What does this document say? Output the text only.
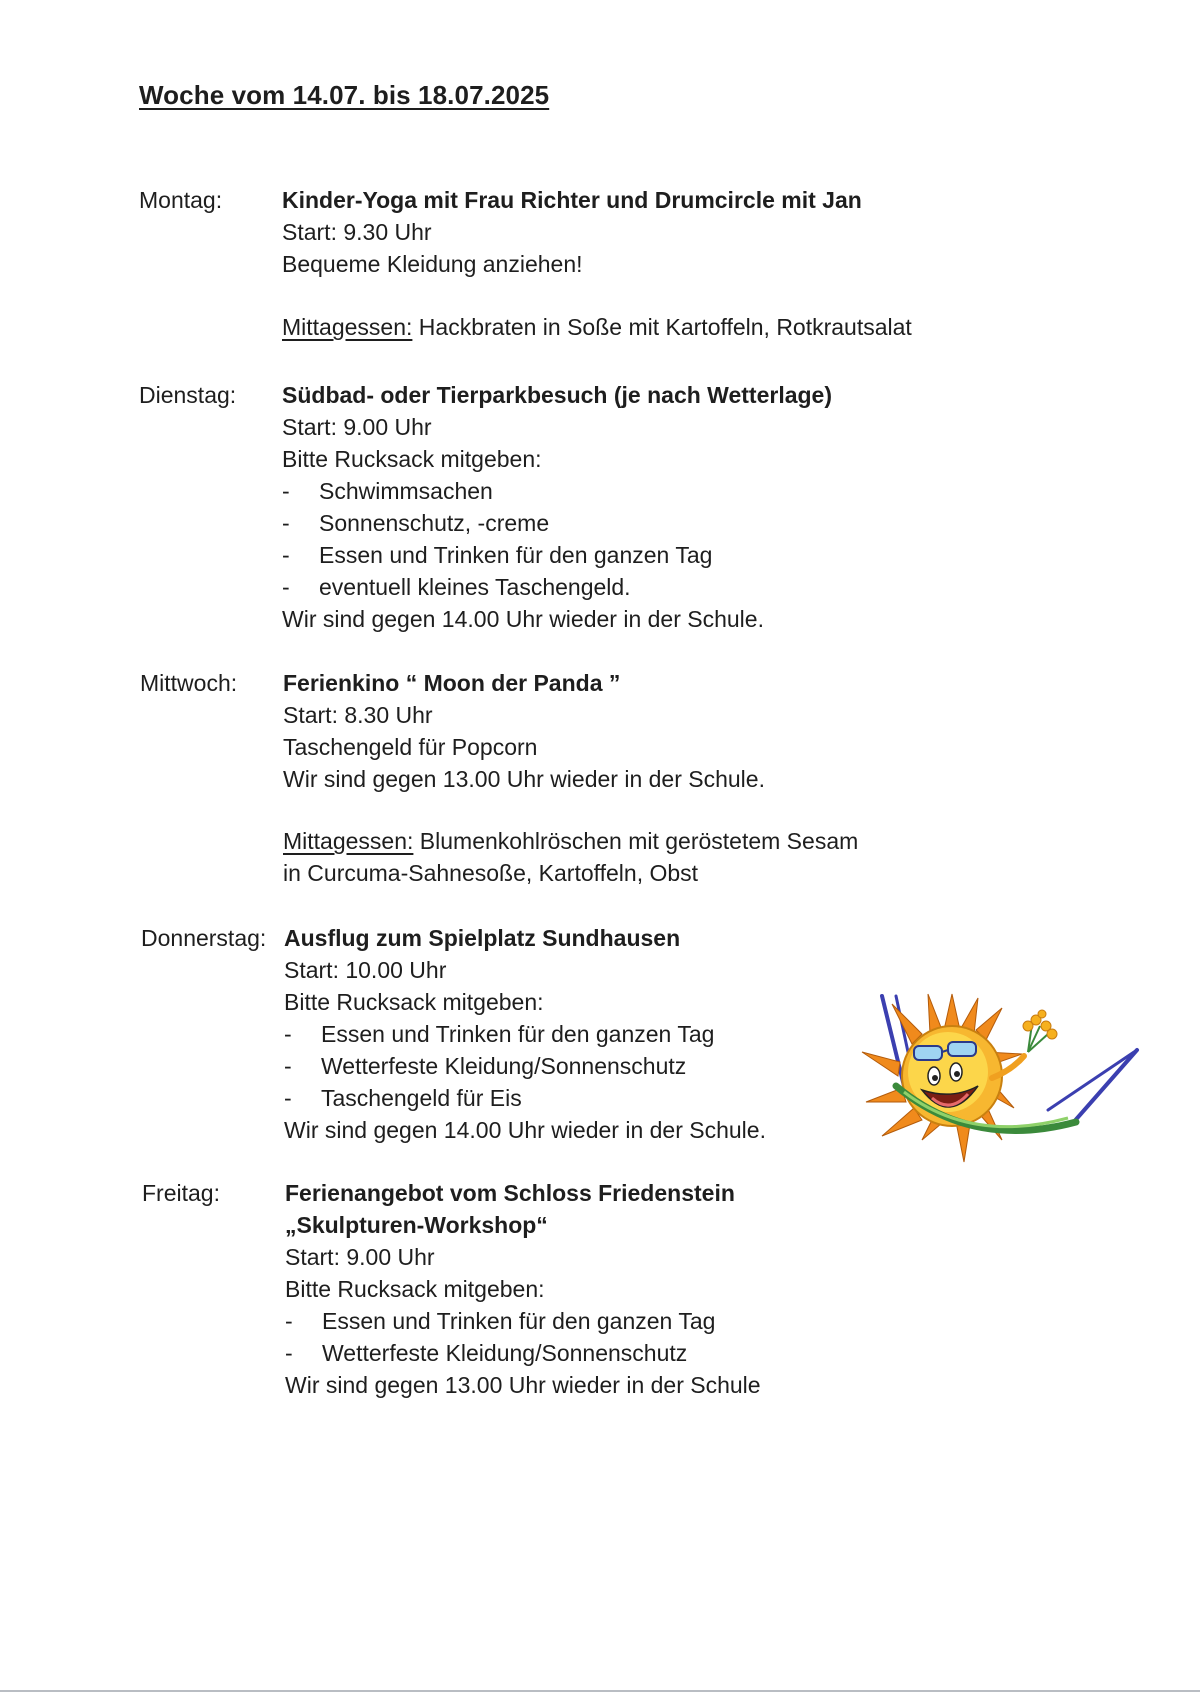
Woche vom 14.07. bis 18.07.2025
Montag:	Kinder-Yoga mit Frau Richter und Drumcircle mit Jan
Start: 9.30 Uhr
Bequeme Kleidung anziehen!
Mittagessen: Hackbraten in Soße mit Kartoffeln, Rotkrautsalat
Dienstag: Südbad- oder Tierparkbesuch (je nach Wetterlage)
Start: 9.00 Uhr
Bitte Rucksack mitgeben:
- Schwimmsachen
- Sonnenschutz, -creme
- Essen und Trinken für den ganzen Tag
- eventuell kleines Taschengeld.
Wir sind gegen 14.00 Uhr wieder in der Schule.
Mittwoch: Ferienkino “ Moon der Panda ”
Start: 8.30 Uhr
Taschengeld für Popcorn
Wir sind gegen 13.00 Uhr wieder in der Schule.
Mittagessen: Blumenkohlröschen mit geröstetem Sesam
in Curcuma-Sahnesoße, Kartoffeln, Obst
Donnerstag: Ausflug zum Spielplatz Sundhausen
Start: 10.00 Uhr
Bitte Rucksack mitgeben:
- Essen und Trinken für den ganzen Tag
- Wetterfeste Kleidung/Sonnenschutz
- Taschengeld für Eis
Wir sind gegen 14.00 Uhr wieder in der Schule.
Freitag:	Ferienangebot vom Schloss Friedenstein
„Skulpturen-Workshop“
Start: 9.00 Uhr
Bitte Rucksack mitgeben:
- Essen und Trinken für den ganzen Tag
- Wetterfeste Kleidung/Sonnenschutz
Wir sind gegen 13.00 Uhr wieder in der Schule
